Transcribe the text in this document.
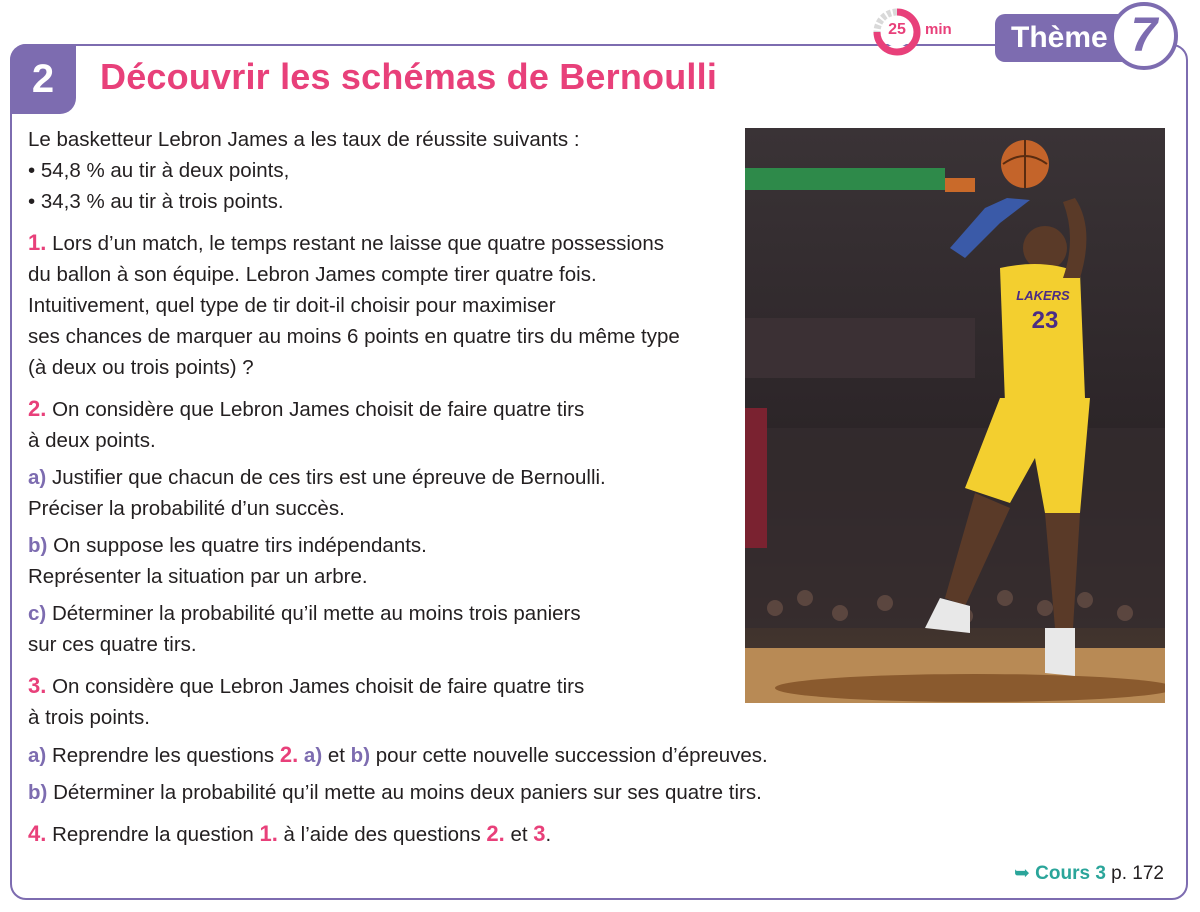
2	Découvrir les schémas de Bernoulli
25	min	Thème 7
Le basketteur Lebron James a les taux de réussite suivants :
• 54,8 % au tir à deux points,
• 34,3 % au tir à trois points.
1. Lors d’un match, le temps restant ne laisse que quatre possessions
du ballon à son équipe. Lebron James compte tirer quatre fois.
Intuitivement, quel type de tir doit-il choisir pour maximiser
ses chances de marquer au moins 6 points en quatre tirs du même type
(à deux ou trois points) ?
2. On considère que Lebron James choisit de faire quatre tirs
à deux points.
a) Justifier que chacun de ces tirs est une épreuve de Bernoulli.
Préciser la probabilité d’un succès.
b) On suppose les quatre tirs indépendants.
Représenter la situation par un arbre.
c) Déterminer la probabilité qu’il mette au moins trois paniers
sur ces quatre tirs.
3. On considère que Lebron James choisit de faire quatre tirs
à trois points.
a) Reprendre les questions 2. a) et b) pour cette nouvelle succession d’épreuves.
b) Déterminer la probabilité qu’il mette au moins deux paniers sur ses quatre tirs.
4. Reprendre la question 1. à l’aide des questions 2. et 3.
23
LAKERS
➥ Cours 3 p. 172
